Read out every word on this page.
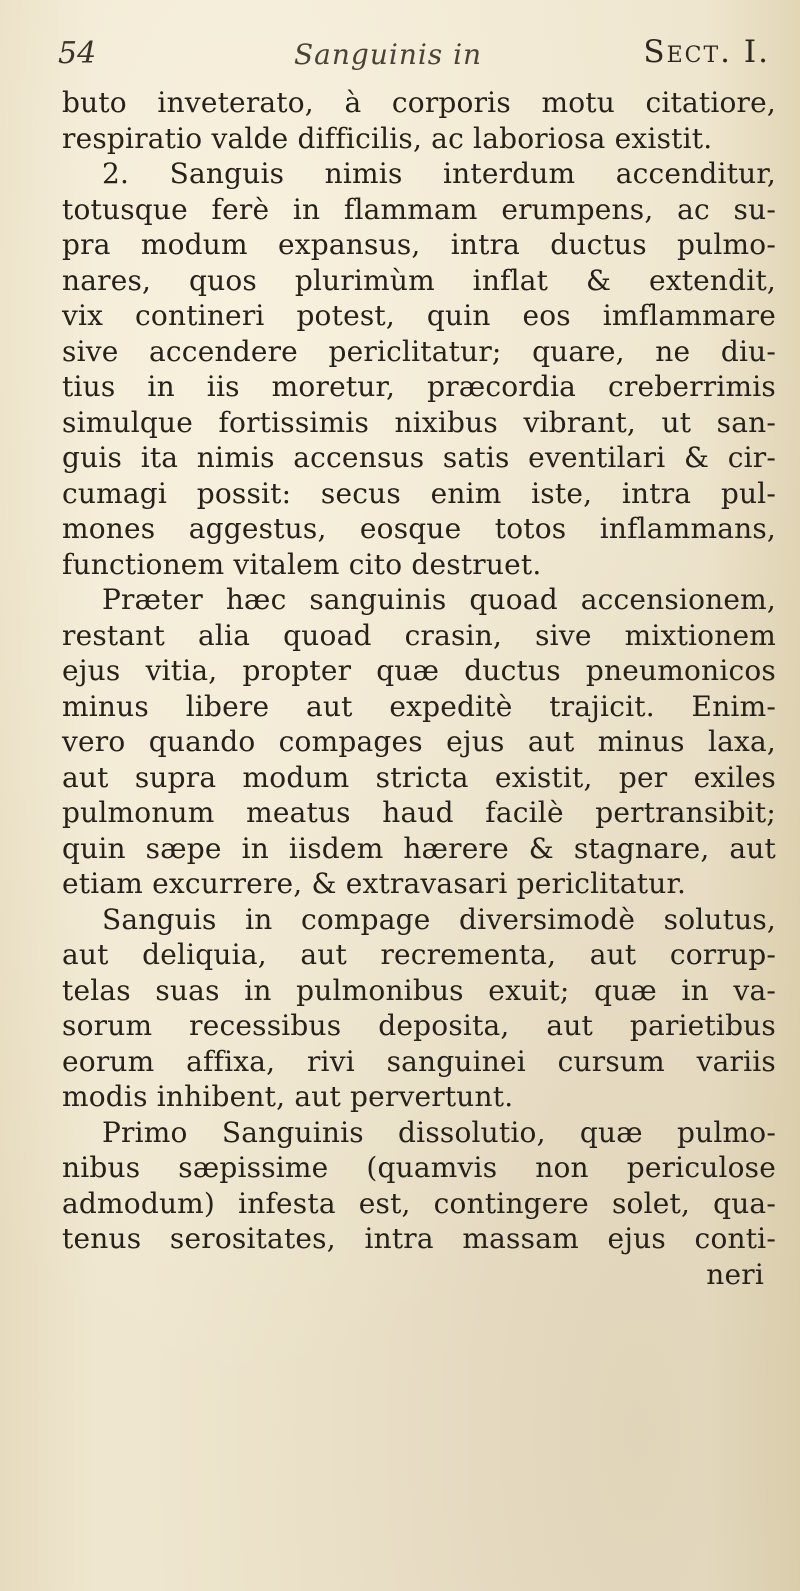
54	Sanguinis in	Sect. I.
buto inveterato, à corporis motu citatiore,
respiratio valde difficilis, ac laboriosa existit.
2. Sanguis nimis interdum accenditur,
totusque ferè in flammam erumpens, ac su-
pra modum expansus, intra ductus pulmo-
nares, quos plurimùm inflat & extendit,
vix contineri potest, quin eos imflammare
sive accendere periclitatur; quare, ne diu-
tius in iis moretur, præcordia creberrimis
simulque fortissimis nixibus vibrant, ut san-
guis ita nimis accensus satis eventilari & cir-
cumagi possit: secus enim iste, intra pul-
mones aggestus, eosque totos inflammans,
functionem vitalem cito destruet.
Præter hæc sanguinis quoad accensionem,
restant alia quoad crasin, sive mixtionem
ejus vitia, propter quæ ductus pneumonicos
minus libere aut expeditè trajicit. Enim-
vero quando compages ejus aut minus laxa,
aut supra modum stricta existit, per exiles
pulmonum meatus haud facilè pertransibit;
quin sæpe in iisdem hærere & stagnare, aut
etiam excurrere, & extravasari periclitatur.
Sanguis in compage diversimodè solutus,
aut deliquia, aut recrementa, aut corrup-
telas suas in pulmonibus exuit; quæ in va-
sorum recessibus deposita, aut parietibus
eorum affixa, rivi sanguinei cursum variis
modis inhibent, aut pervertunt.
Primo Sanguinis dissolutio, quæ pulmo-
nibus sæpissime (quamvis non periculose
admodum) infesta est, contingere solet, qua-
tenus serositates, intra massam ejus conti-
neri
